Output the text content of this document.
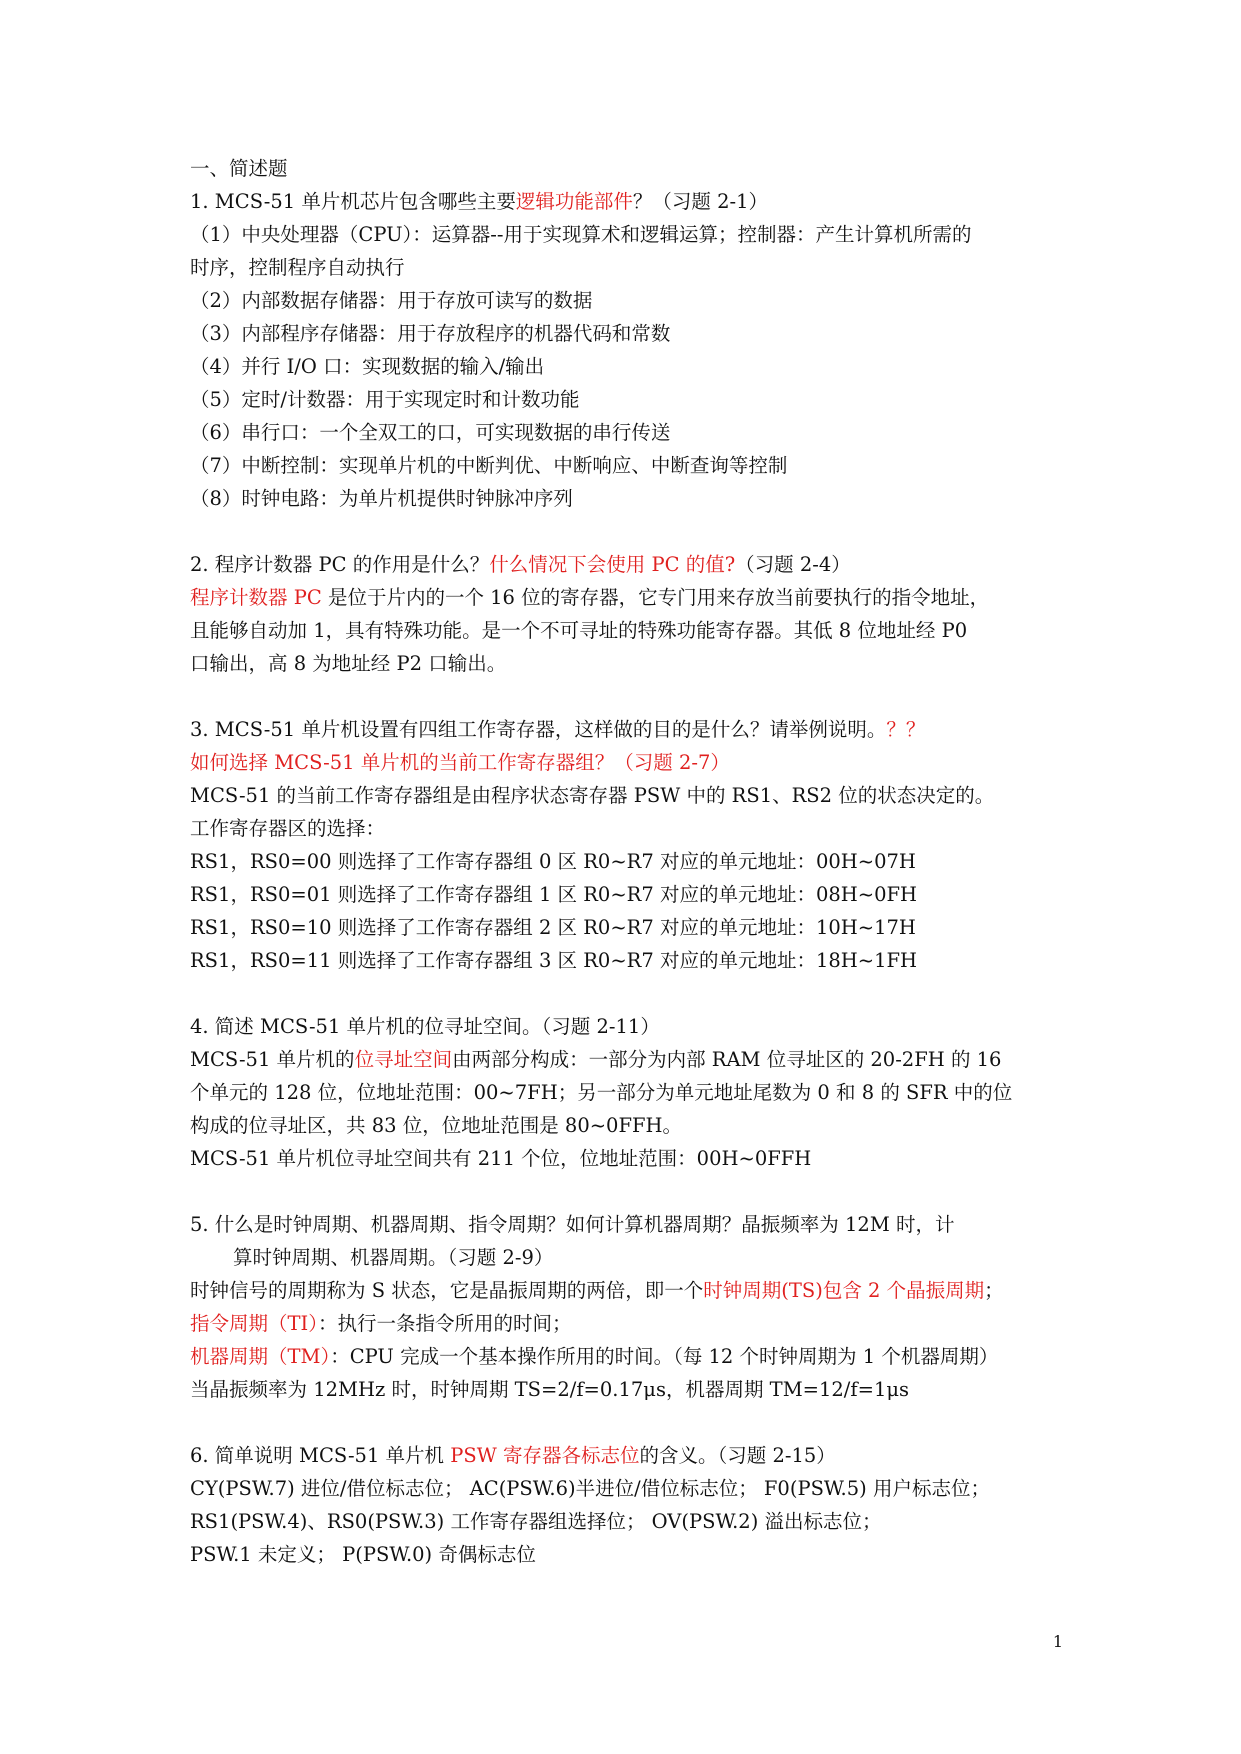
一、简述题
1. MCS-51 单片机芯片包含哪些主要逻辑功能部件？（习题 2-1）
（1）中央处理器（CPU）：运算器--用于实现算术和逻辑运算；控制器：产生计算机所需的
时序，控制程序自动执行
（2）内部数据存储器：用于存放可读写的数据
（3）内部程序存储器：用于存放程序的机器代码和常数
（4）并行 I/O 口：实现数据的输入/输出
（5）定时/计数器：用于实现定时和计数功能
（6）串行口：一个全双工的口，可实现数据的串行传送
（7）中断控制：实现单片机的中断判优、中断响应、中断查询等控制
（8）时钟电路：为单片机提供时钟脉冲序列
2. 程序计数器 PC 的作用是什么？什么情况下会使用 PC 的值?（习题 2-4）
程序计数器 PC 是位于片内的一个 16 位的寄存器，它专门用来存放当前要执行的指令地址，
且能够自动加 1，具有特殊功能。是一个不可寻址的特殊功能寄存器。其低 8 位地址经 P0
口输出，高 8 为地址经 P2 口输出。
3. MCS-51 单片机设置有四组工作寄存器，这样做的目的是什么？请举例说明。？？
如何选择 MCS-51 单片机的当前工作寄存器组？（习题 2-7）
MCS-51 的当前工作寄存器组是由程序状态寄存器 PSW 中的 RS1、RS2 位的状态决定的。
工作寄存器区的选择：
RS1，RS0=00 则选择了工作寄存器组 0 区 R0~R7 对应的单元地址：00H~07H
RS1，RS0=01 则选择了工作寄存器组 1 区 R0~R7 对应的单元地址：08H~0FH
RS1，RS0=10 则选择了工作寄存器组 2 区 R0~R7 对应的单元地址：10H~17H
RS1，RS0=11 则选择了工作寄存器组 3 区 R0~R7 对应的单元地址：18H~1FH
4. 简述 MCS-51 单片机的位寻址空间。（习题 2-11）
MCS-51 单片机的位寻址空间由两部分构成：一部分为内部 RAM 位寻址区的 20-2FH 的 16
个单元的 128 位，位地址范围：00~7FH；另一部分为单元地址尾数为 0 和 8 的 SFR 中的位
构成的位寻址区，共 83 位，位地址范围是 80~0FFH。
MCS-51 单片机位寻址空间共有 211 个位，位地址范围：00H~0FFH
5. 什么是时钟周期、机器周期、指令周期？如何计算机器周期？晶振频率为 12M 时，计
算时钟周期、机器周期。（习题 2-9）
时钟信号的周期称为 S 状态，它是晶振周期的两倍，即一个时钟周期(TS)包含 2 个晶振周期；
指令周期（TI）：执行一条指令所用的时间；
机器周期（TM）：CPU 完成一个基本操作所用的时间。（每 12 个时钟周期为 1 个机器周期）
当晶振频率为 12MHz 时，时钟周期 TS=2/f=0.17μs，机器周期 TM=12/f=1μs
6. 简单说明 MCS-51 单片机 PSW 寄存器各标志位的含义。（习题 2-15）
CY(PSW.7) 进位/借位标志位； AC(PSW.6)半进位/借位标志位； F0(PSW.5) 用户标志位；
RS1(PSW.4)、RS0(PSW.3) 工作寄存器组选择位； OV(PSW.2) 溢出标志位；
PSW.1 未定义； P(PSW.0) 奇偶标志位
1
